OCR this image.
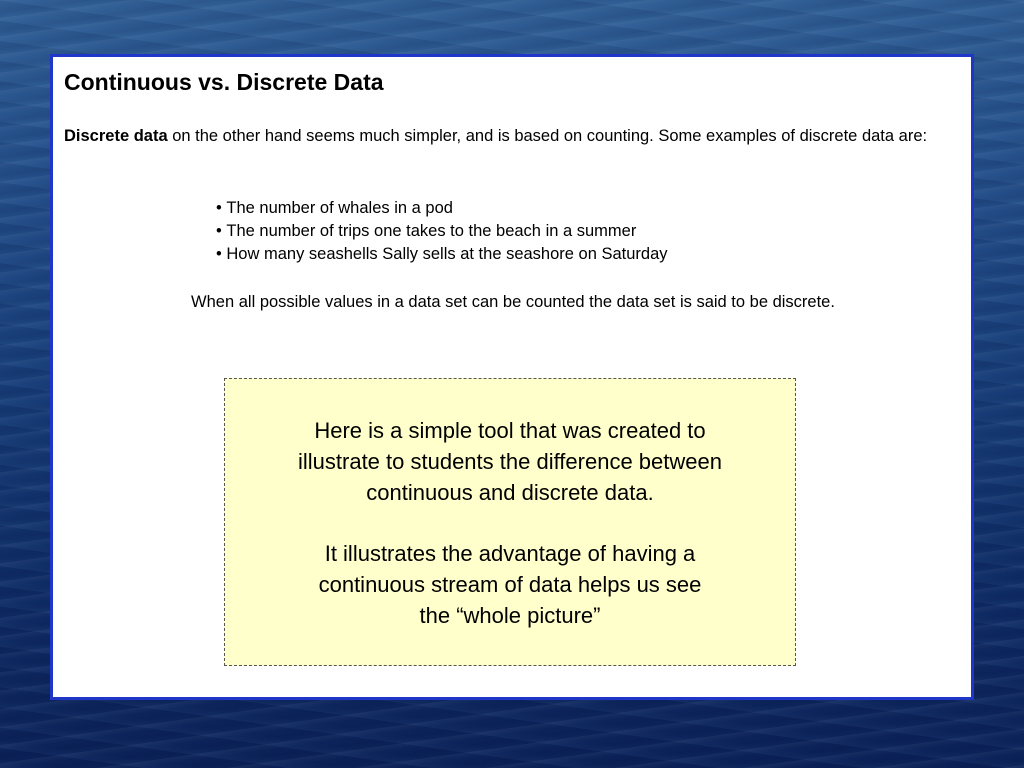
Continuous vs. Discrete Data

Discrete data on the other hand seems much simpler, and is based on counting. Some examples of discrete data are:

• The number of whales in a pod
• The number of trips one takes to the beach in a summer
• How many seashells Sally sells at the seashore on Saturday

When all possible values in a data set can be counted the data set is said to be discrete.

Here is a simple tool that was created to
illustrate to students the difference between
continuous and discrete data.

It illustrates the advantage of having a
continuous stream of data helps us see
the “whole picture”
